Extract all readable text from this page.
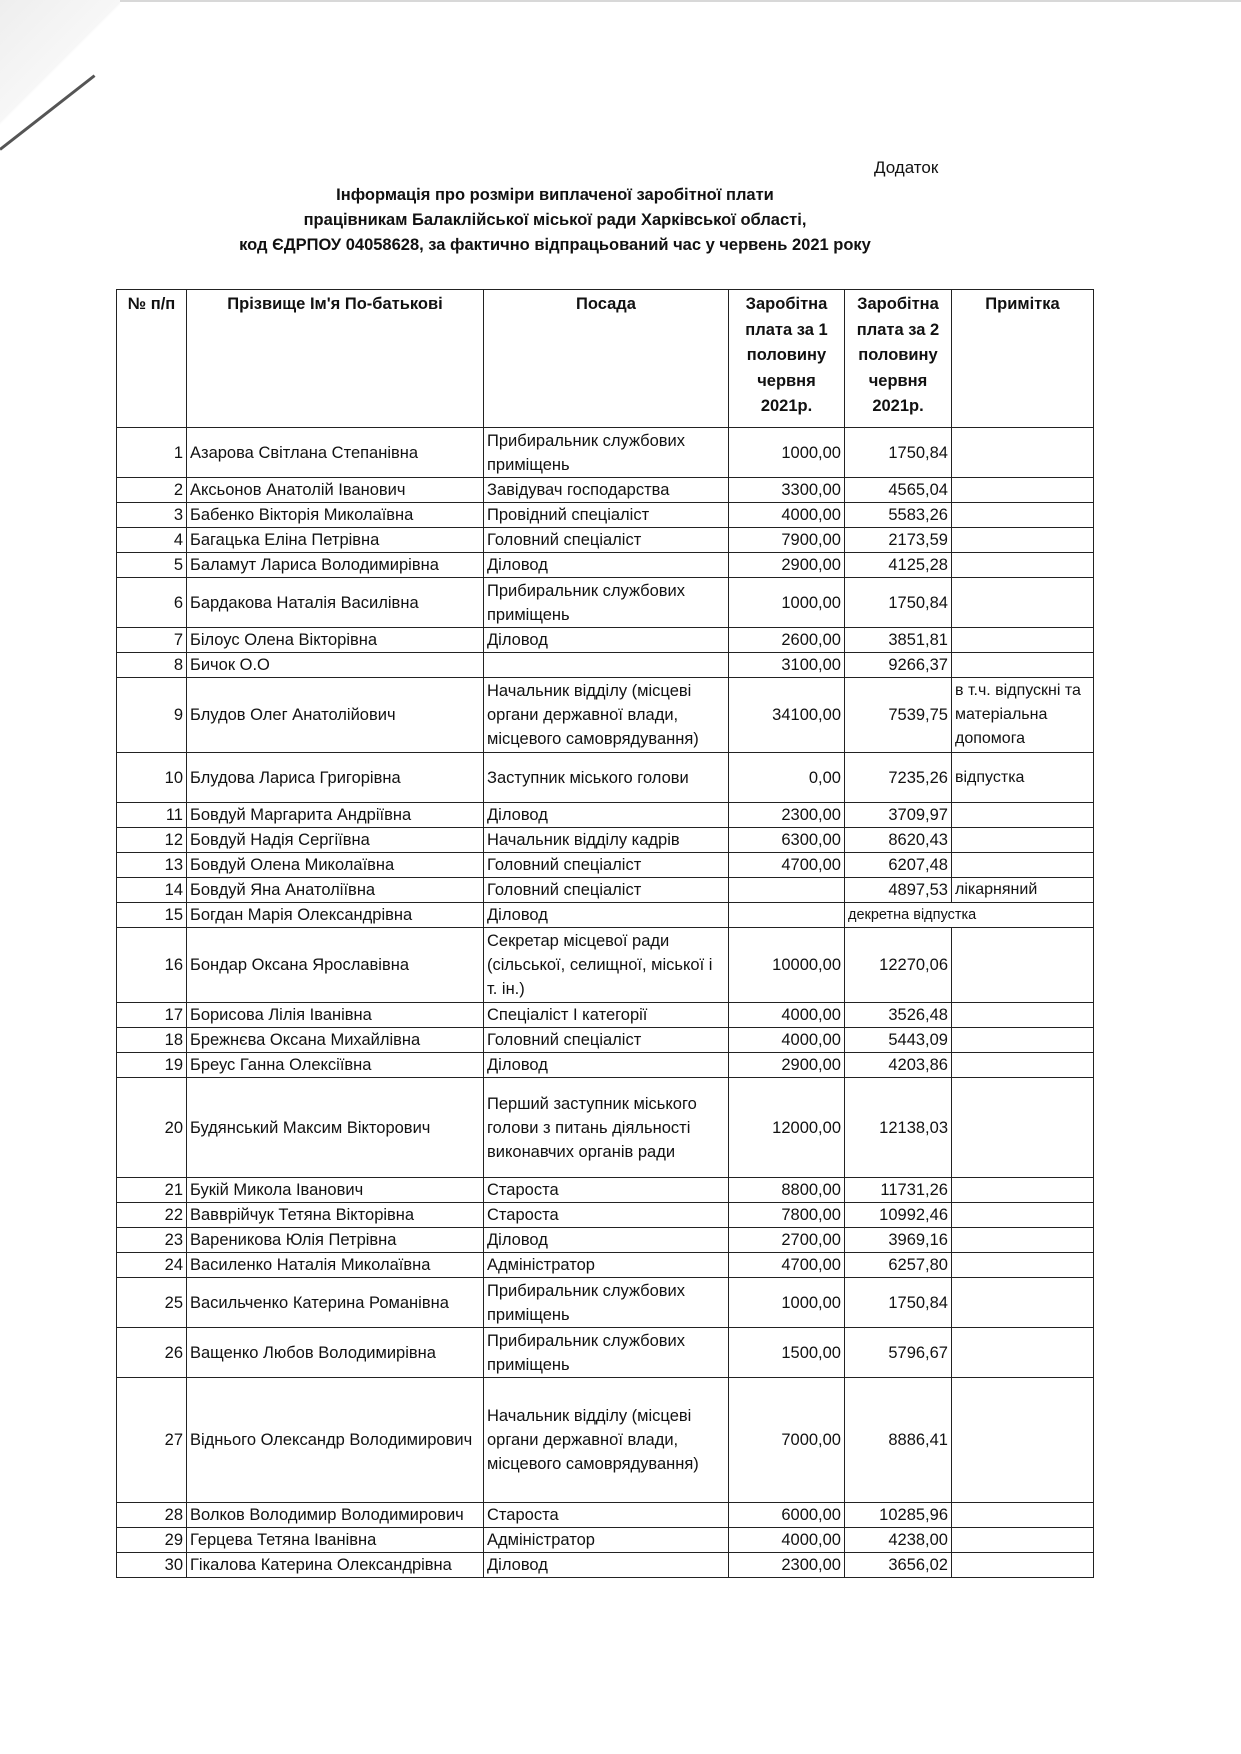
Додаток
Інформація про розміри виплаченої заробітної плати
працівникам Балаклійської міської ради Харківської області,
код ЄДРПОУ 04058628, за фактично відпрацьований час у червень 2021 року
№ п/п	Прізвище Ім'я По-батькові	Посада	Заробітна плата за 1 половину червня 2021р.	Заробітна плата за 2 половину червня 2021р.	Примітка
1	Азарова Світлана Степанівна	Прибиральник службових приміщень	1000,00	1750,84	
2	Аксьонов Анатолій Іванович	Завідувач господарства	3300,00	4565,04	
3	Бабенко Вікторія Миколаївна	Провідний спеціаліст	4000,00	5583,26	
4	Багацька Еліна Петрівна	Головний спеціаліст	7900,00	2173,59	
5	Баламут Лариса Володимирівна	Діловод	2900,00	4125,28	
6	Бардакова Наталія Василівна	Прибиральник службових приміщень	1000,00	1750,84	
7	Білоус Олена Вікторівна	Діловод	2600,00	3851,81	
8	Бичок О.О		3100,00	9266,37	
9	Блудов Олег Анатолійович	Начальник відділу (місцеві органи державної влади, місцевого самоврядування)	34100,00	7539,75	в т.ч. відпускні та матеріальна допомога
10	Блудова Лариса Григорівна	Заступник міського голови	0,00	7235,26	відпустка
11	Бовдуй Маргарита Андріївна	Діловод	2300,00	3709,97	
12	Бовдуй Надія Сергіївна	Начальник відділу кадрів	6300,00	8620,43	
13	Бовдуй Олена Миколаївна	Головний спеціаліст	4700,00	6207,48	
14	Бовдуй Яна Анатоліївна	Головний спеціаліст		4897,53	лікарняний
15	Богдан Марія Олександрівна	Діловод		декретна відпустка	
16	Бондар Оксана Ярославівна	Секретар місцевої ради (сільської, селищної, міської і т. ін.)	10000,00	12270,06	
17	Борисова Лілія Іванівна	Спеціаліст I категорії	4000,00	3526,48	
18	Брежнєва Оксана Михайлівна	Головний спеціаліст	4000,00	5443,09	
19	Бреус Ганна Олексіївна	Діловод	2900,00	4203,86	
20	Будянський Максим Вікторович	Перший заступник міського голови з питань діяльності виконавчих органів ради	12000,00	12138,03	
21	Букій Микола Іванович	Староста	8800,00	11731,26	
22	Вавврійчук Тетяна Вікторівна	Староста	7800,00	10992,46	
23	Вареникова Юлія Петрівна	Діловод	2700,00	3969,16	
24	Василенко Наталія Миколаївна	Адміністратор	4700,00	6257,80	
25	Васильченко Катерина Романівна	Прибиральник службових приміщень	1000,00	1750,84	
26	Ващенко Любов Володимирівна	Прибиральник службових приміщень	1500,00	5796,67	
27	Віднього Олександр Володимирович	Начальник відділу (місцеві органи державної влади, місцевого самоврядування)	7000,00	8886,41	
28	Волков Володимир Володимирович	Староста	6000,00	10285,96	
29	Герцева Тетяна Іванівна	Адміністратор	4000,00	4238,00	
30	Гікалова Катерина Олександрівна	Діловод	2300,00	3656,02	
